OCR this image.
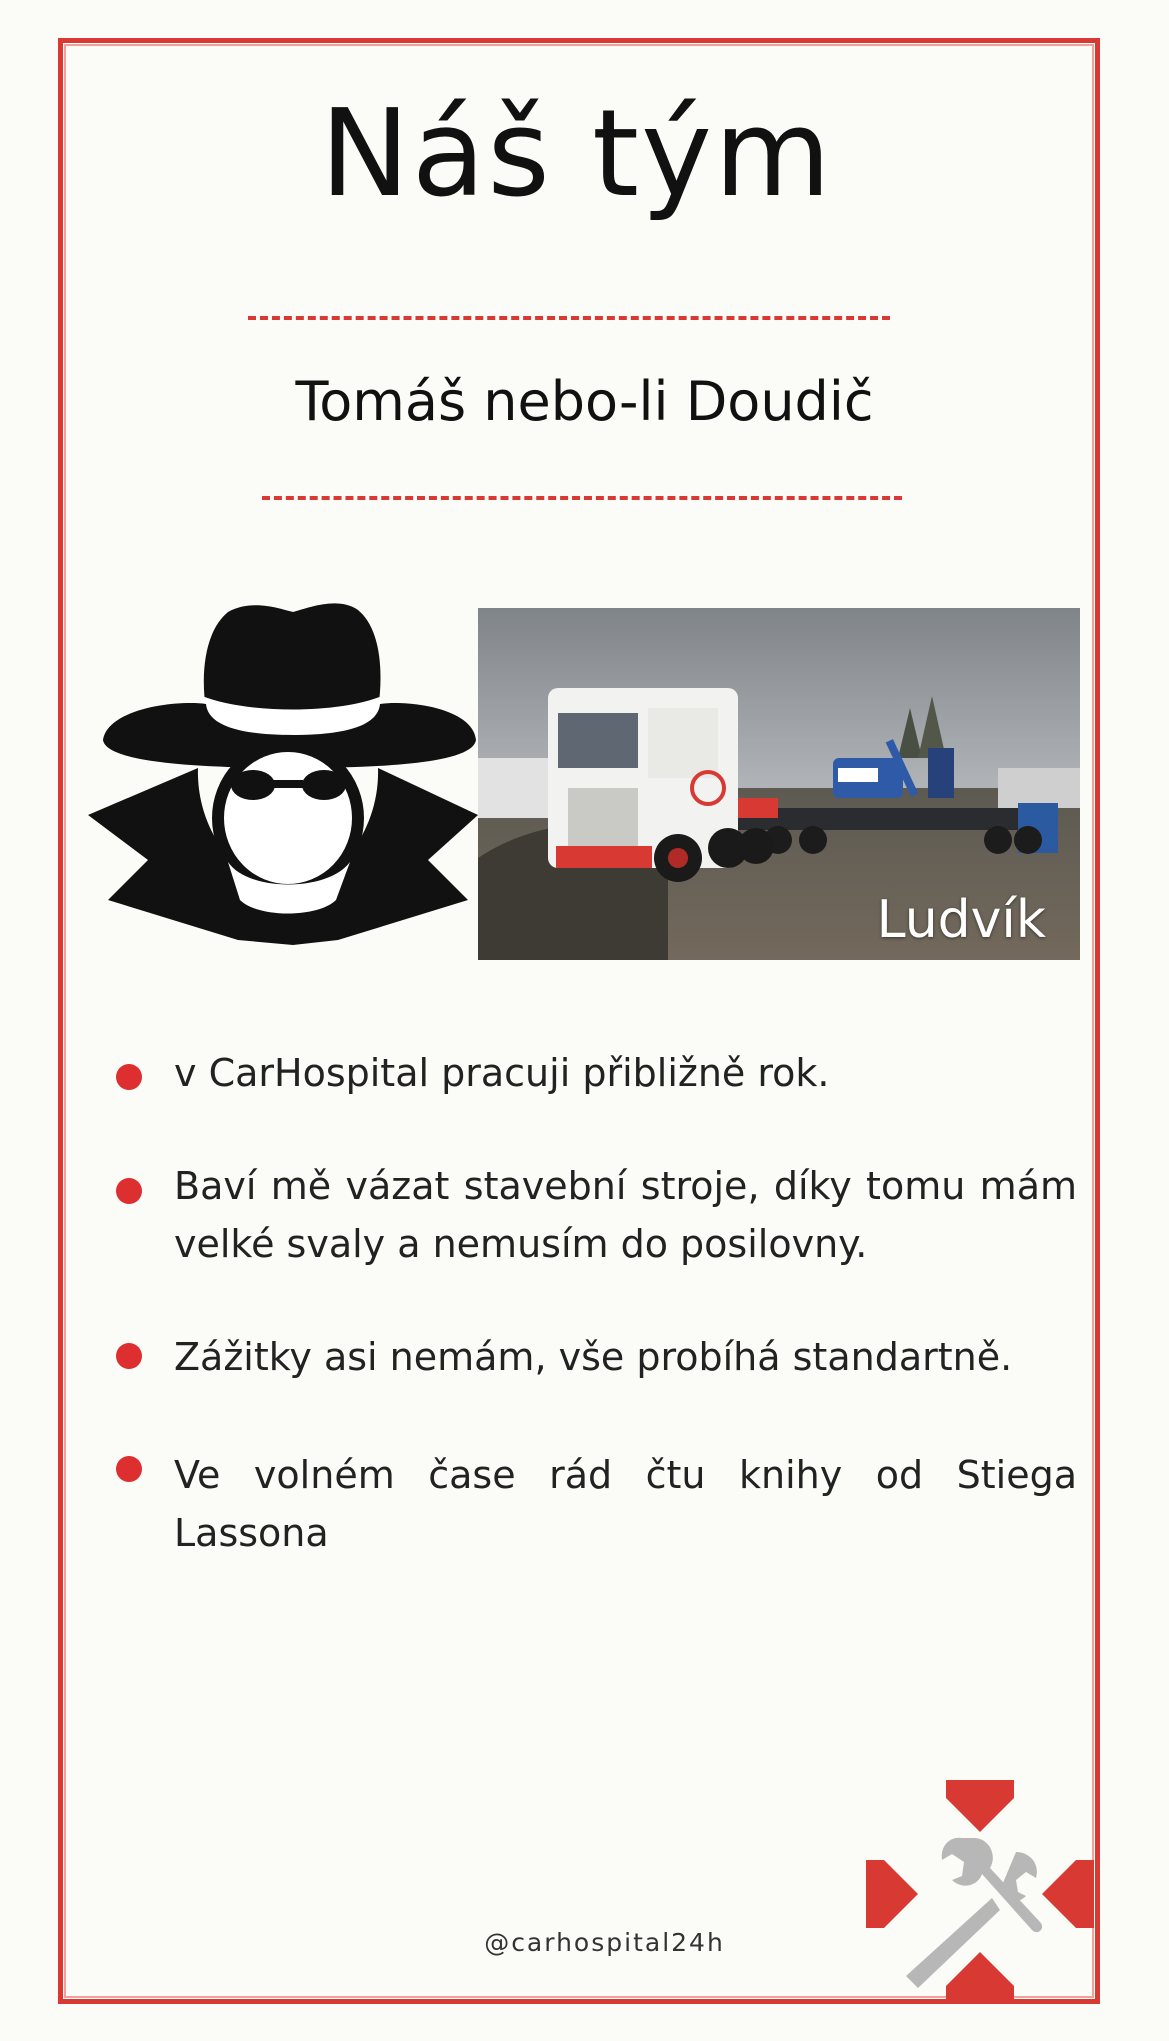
Náš tým
Tomáš nebo-li Doudič
Ludvík
v CarHospital pracuji přibližně rok.
Baví mě vázat stavební stroje, díky tomu mám velké svaly a nemusím do posilovny.
Zážitky asi nemám, vše probíhá standartně.
Ve volném čase rád čtu knihy od Stiega Lassona
@carhospital24h
